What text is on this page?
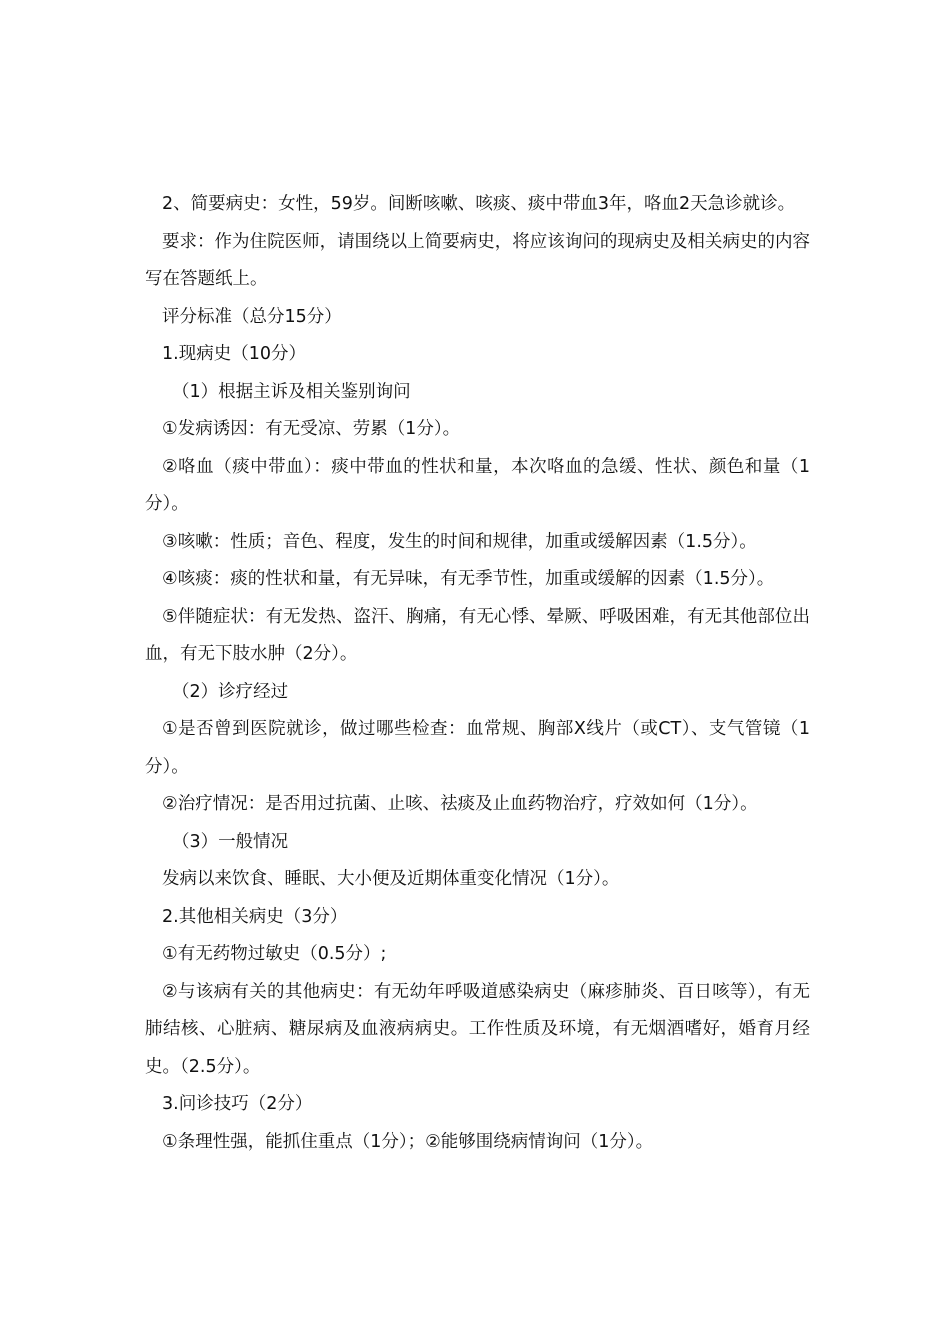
2、简要病史：女性，59岁。间断咳嗽、咳痰、痰中带血3年，咯血2天急诊就诊。

要求：作为住院医师，请围绕以上简要病史，将应该询问的现病史及相关病史的内容写在答题纸上。

评分标准（总分15分）

1.现病史（10分）

（1）根据主诉及相关鉴别询问

①发病诱因：有无受凉、劳累（1分）。

②咯血（痰中带血）：痰中带血的性状和量，本次咯血的急缓、性状、颜色和量（1分）。

③咳嗽：性质；音色、程度，发生的时间和规律，加重或缓解因素（1.5分）。

④咳痰：痰的性状和量，有无异味，有无季节性，加重或缓解的因素（1.5分）。

⑤伴随症状：有无发热、盗汗、胸痛，有无心悸、晕厥、呼吸困难，有无其他部位出血，有无下肢水肿（2分）。

（2）诊疗经过

①是否曾到医院就诊，做过哪些检查：血常规、胸部X线片（或CT）、支气管镜（1分）。

②治疗情况：是否用过抗菌、止咳、祛痰及止血药物治疗，疗效如何（1分）。

（3）一般情况

发病以来饮食、睡眠、大小便及近期体重变化情况（1分）。

2.其他相关病史（3分）

①有无药物过敏史（0.5分）;

②与该病有关的其他病史：有无幼年呼吸道感染病史（麻疹肺炎、百日咳等），有无肺结核、心脏病、糖尿病及血液病病史。工作性质及环境，有无烟酒嗜好，婚育月经史。（2.5分）。

3.问诊技巧（2分）

①条理性强，能抓住重点（1分）；②能够围绕病情询问（1分）。
